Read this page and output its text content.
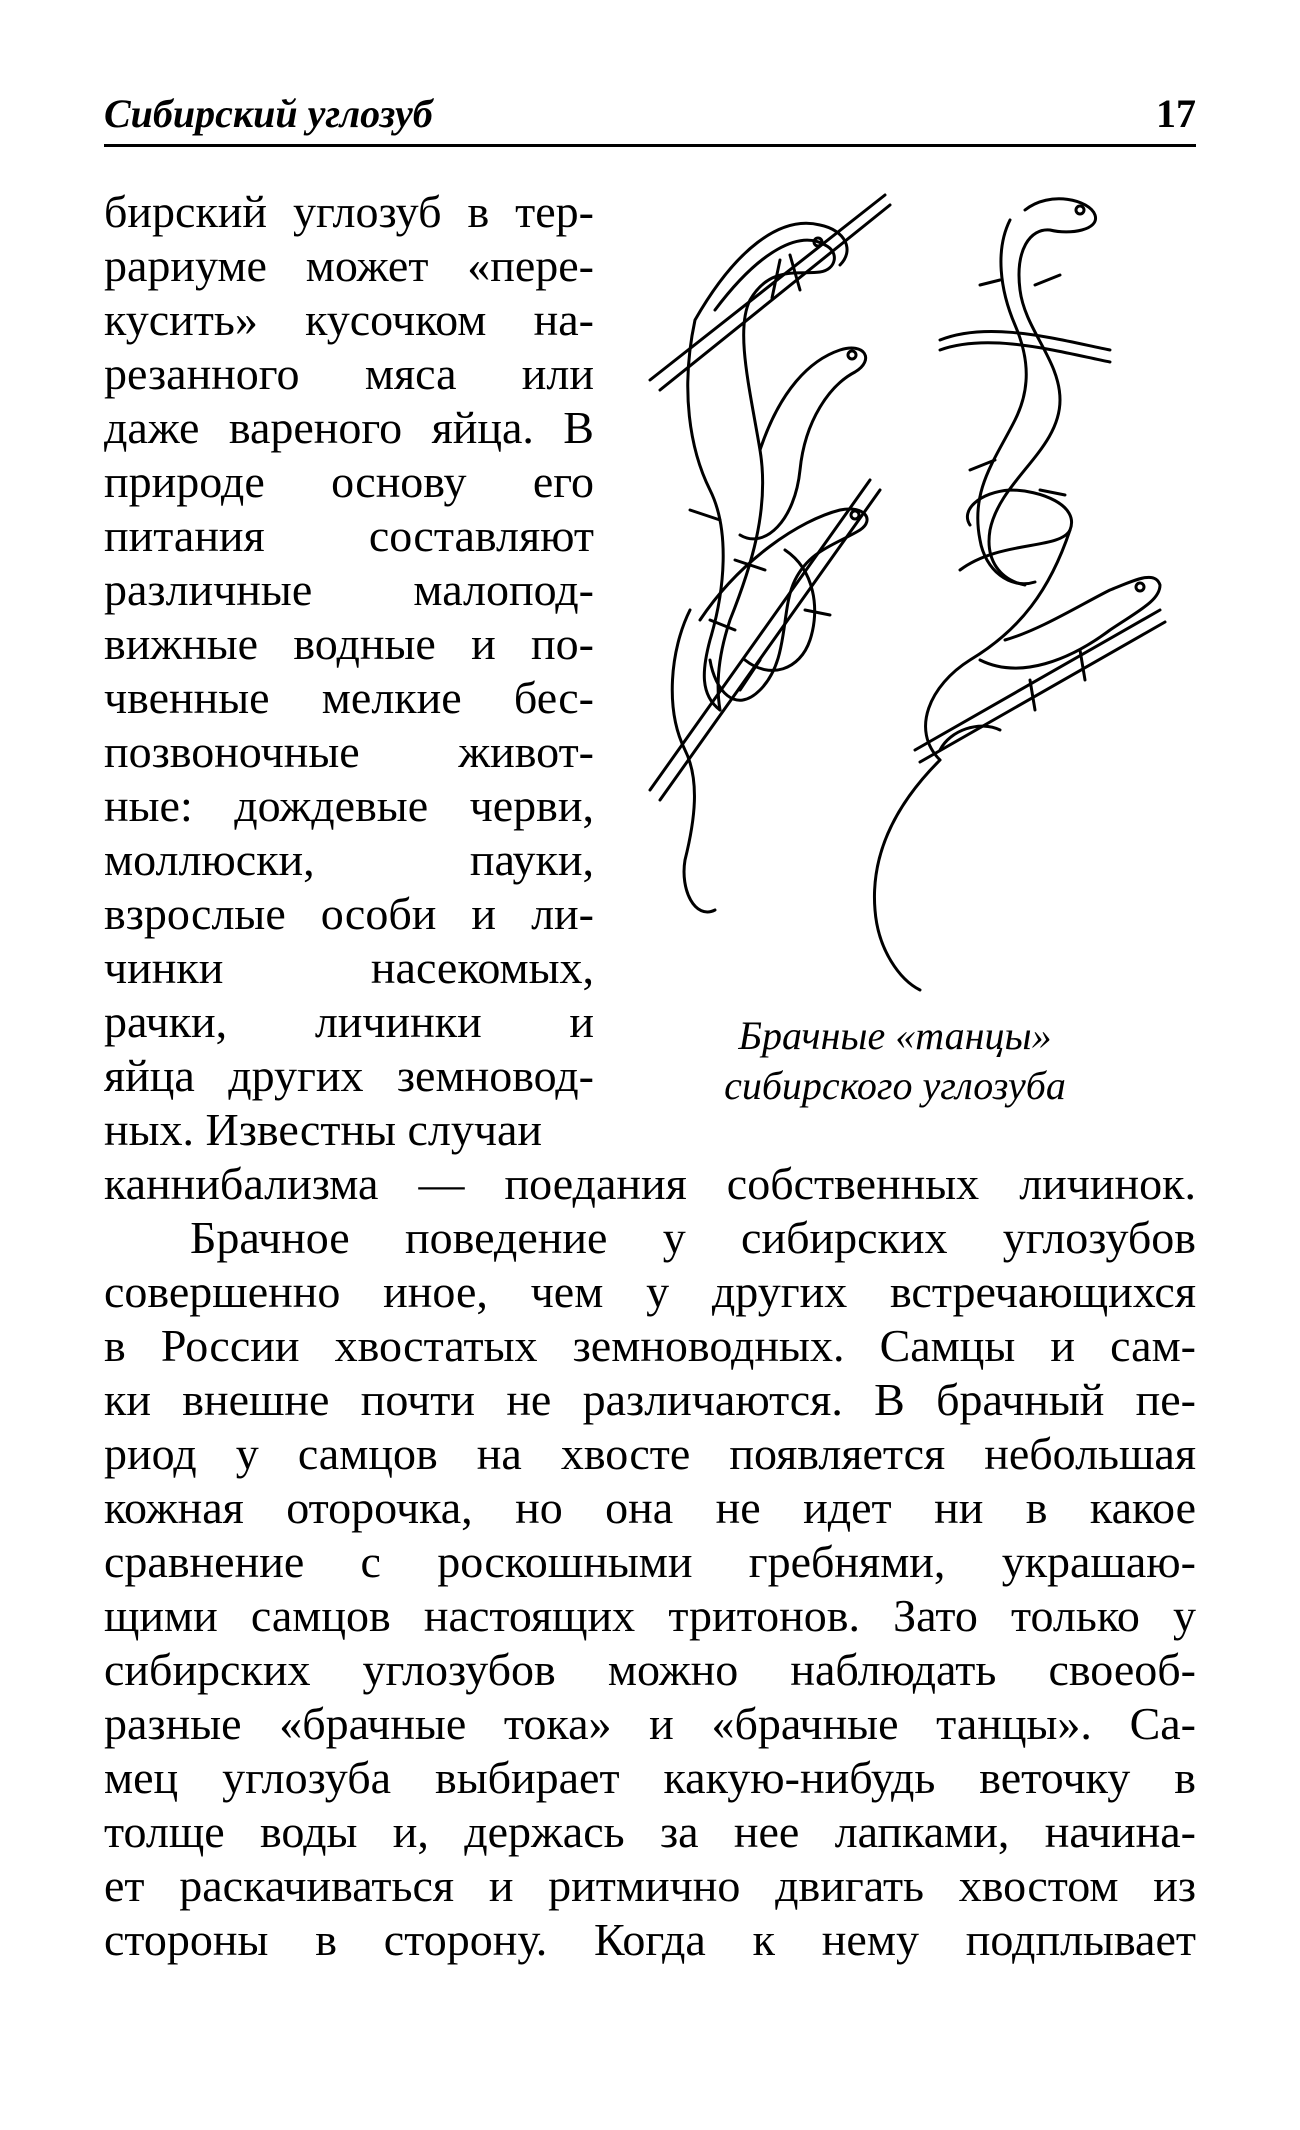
Сибирский углозуб	17
бирский углозуб в тер-
рариуме может «пере-
кусить» кусочком на-
резанного мяса или
даже вареного яйца. В
природе основу его
питания составляют
различные малопод-
вижные водные и по-
чвенные мелкие бес-
позвоночные живот-
ные: дождевые черви,
моллюски, пауки,
взрослые особи и ли-
чинки насекомых,
рачки, личинки и
яйца других земновод-
ных. Известны случаи
Брачные «танцы»
сибирского углозуба
каннибализма — поедания собственных личинок.
Брачное поведение у сибирских углозубов
совершенно иное, чем у других встречающихся
в России хвостатых земноводных. Самцы и сам-
ки внешне почти не различаются. В брачный пе-
риод у самцов на хвосте появляется небольшая
кожная оторочка, но она не идет ни в какое
сравнение с роскошными гребнями, украшаю-
щими самцов настоящих тритонов. Зато только у
сибирских углозубов можно наблюдать своеоб-
разные «брачные тока» и «брачные танцы». Са-
мец углозуба выбирает какую-нибудь веточку в
толще воды и, держась за нее лапками, начина-
ет раскачиваться и ритмично двигать хвостом из
стороны в сторону. Когда к нему подплывает
